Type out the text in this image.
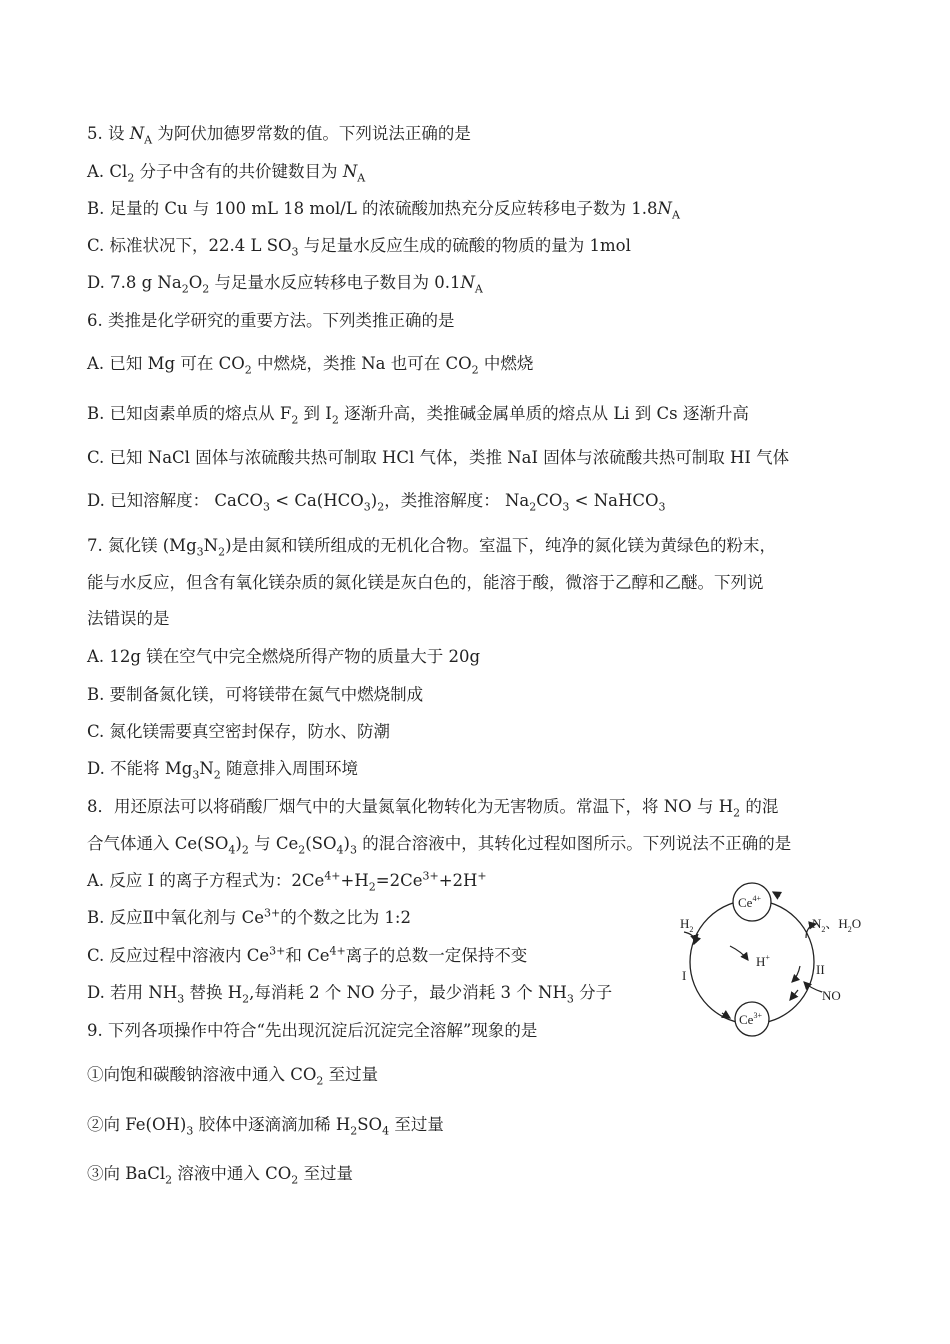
5. 设 $N_A$ 为阿伏加德罗常数的值。下列说法正确的是
A. $Cl_2$ 分子中含有的共价键数目为 $N_A$
B. 足量的 Cu 与 100 mL 18 mol/L 的浓硫酸加热充分反应转移电子数为 $1.8N_A$
C. 标准状况下，22.4 L $SO_3$ 与足量水反应生成的硫酸的物质的量为 1mol
D. 7.8 g $Na_2O_2$ 与足量水反应转移电子数目为 $0.1N_A$
6. 类推是化学研究的重要方法。下列类推正确的是
A. 已知 Mg 可在 $CO_2$ 中燃烧，类推 Na 也可在 $CO_2$ 中燃烧
B. 已知卤素单质的熔点从 $F_2$ 到 $I_2$ 逐渐升高，类推碱金属单质的熔点从 Li 到 Cs 逐渐升高
C. 已知 NaCl 固体与浓硫酸共热可制取 HCl 气体，类推 NaI 固体与浓硫酸共热可制取 HI 气体
D. 已知溶解度： CaCO$_3$ < $Ca(HCO_3)_2$，类推溶解度： $Na_2CO_3$ < NaHCO$_3$
7. 氮化镁 $(Mg_3N_2)$是由氮和镁所组成的无机化合物。室温下，纯净的氮化镁为黄绿色的粉末，
能与水反应，但含有氧化镁杂质的氮化镁是灰白色的，能溶于酸，微溶于乙醇和乙醚。下列说
法错误的是
A. 12g 镁在空气中完全燃烧所得产物的质量大于 20g
B. 要制备氮化镁，可将镁带在氮气中燃烧制成
C. 氮化镁需要真空密封保存，防水、防潮
D. 不能将 $Mg_3N_2$ 随意排入周围环境
8．用还原法可以将硝酸厂烟气中的大量氮氧化物转化为无害物质。常温下，将 NO 与 $H_2$ 的混
合气体通入 $Ce(SO_4)_2$ 与 $Ce_2(SO_4)_3$ 的混合溶液中，其转化过程如图所示。下列说法不正确的是
A. 反应 I 的离子方程式为：$2Ce^{4+}+H_2=2Ce^{3+}+2H^+$
B. 反应Ⅱ中氧化剂与 $Ce^{3+}$的个数之比为 1:2
C. 反应过程中溶液内 $Ce^{3+}$和 $Ce^{4+}$离子的总数一定保持不变
D. 若用 $NH_3$ 替换 $H_2$,每消耗 2 个 NO 分子，最少消耗 3 个 $NH_3$ 分子
$Ce^{4+}$
$Ce^{3+}$
$H_2$	$N_2$、$H_2O$
H+
NO
I	II
9. 下列各项操作中符合“先出现沉淀后沉淀完全溶解”现象的是
①向饱和碳酸钠溶液中通入 $CO_2$ 至过量
②向 $Fe(OH)_3$ 胶体中逐滴滴加稀 $H_2SO_4$ 至过量
③向 BaCl$_2$ 溶液中通入 $CO_2$ 至过量
